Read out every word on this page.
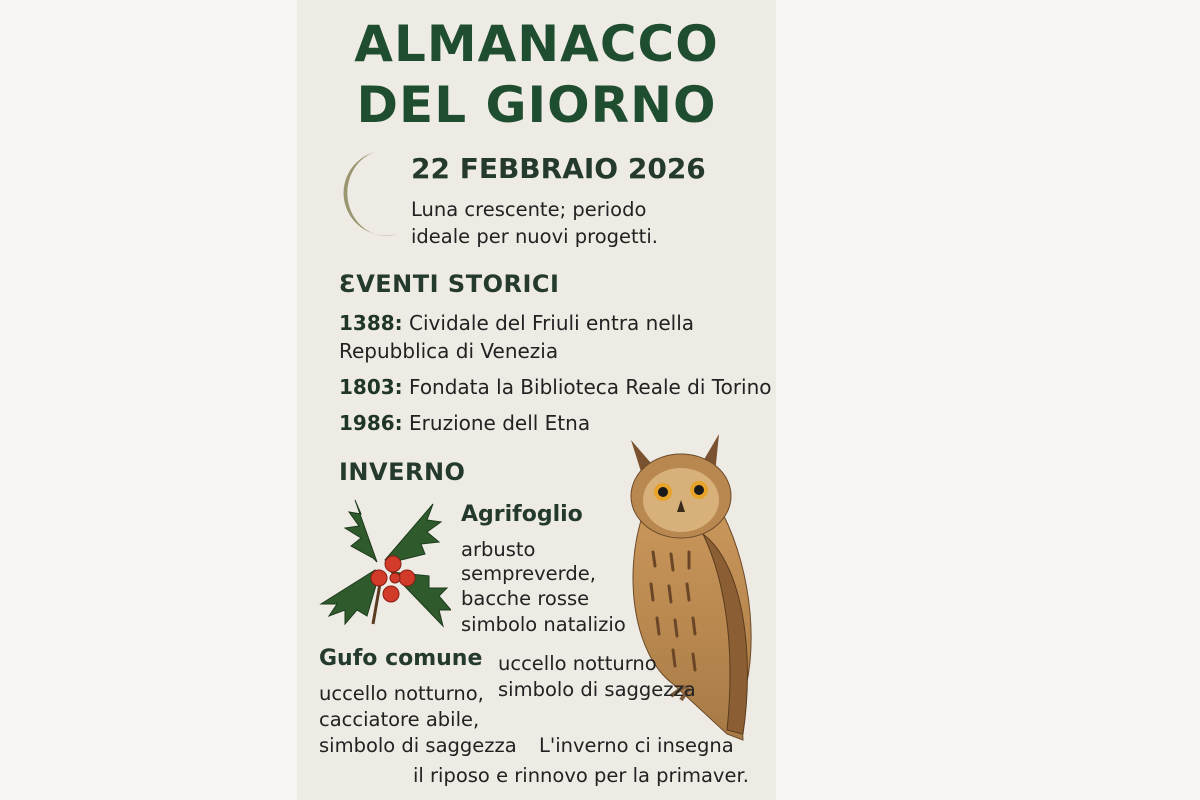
ALMANACCO
DEL GIORNO
22 FEBBRAIO 2026
Luna crescente; periodo
ideale per nuovi progetti.
ƐVENTI STORICI
1388: Cividale del Friuli entra nella
Repubblica di Venezia
1803: Fondata la Biblioteca Reale di Torino
1986: Eruzione dell Etna
INVERNO
Agrifoglio
arbusto
sempreverde,
bacche rosse
simbolo natalizio
Gufo comune
uccello notturno,
cacciatore abile,
simbolo di saggezza
uccello notturno
simbolo di saggezza
L'inverno ci insegna
il riposo e rinnovo per la primaver.
